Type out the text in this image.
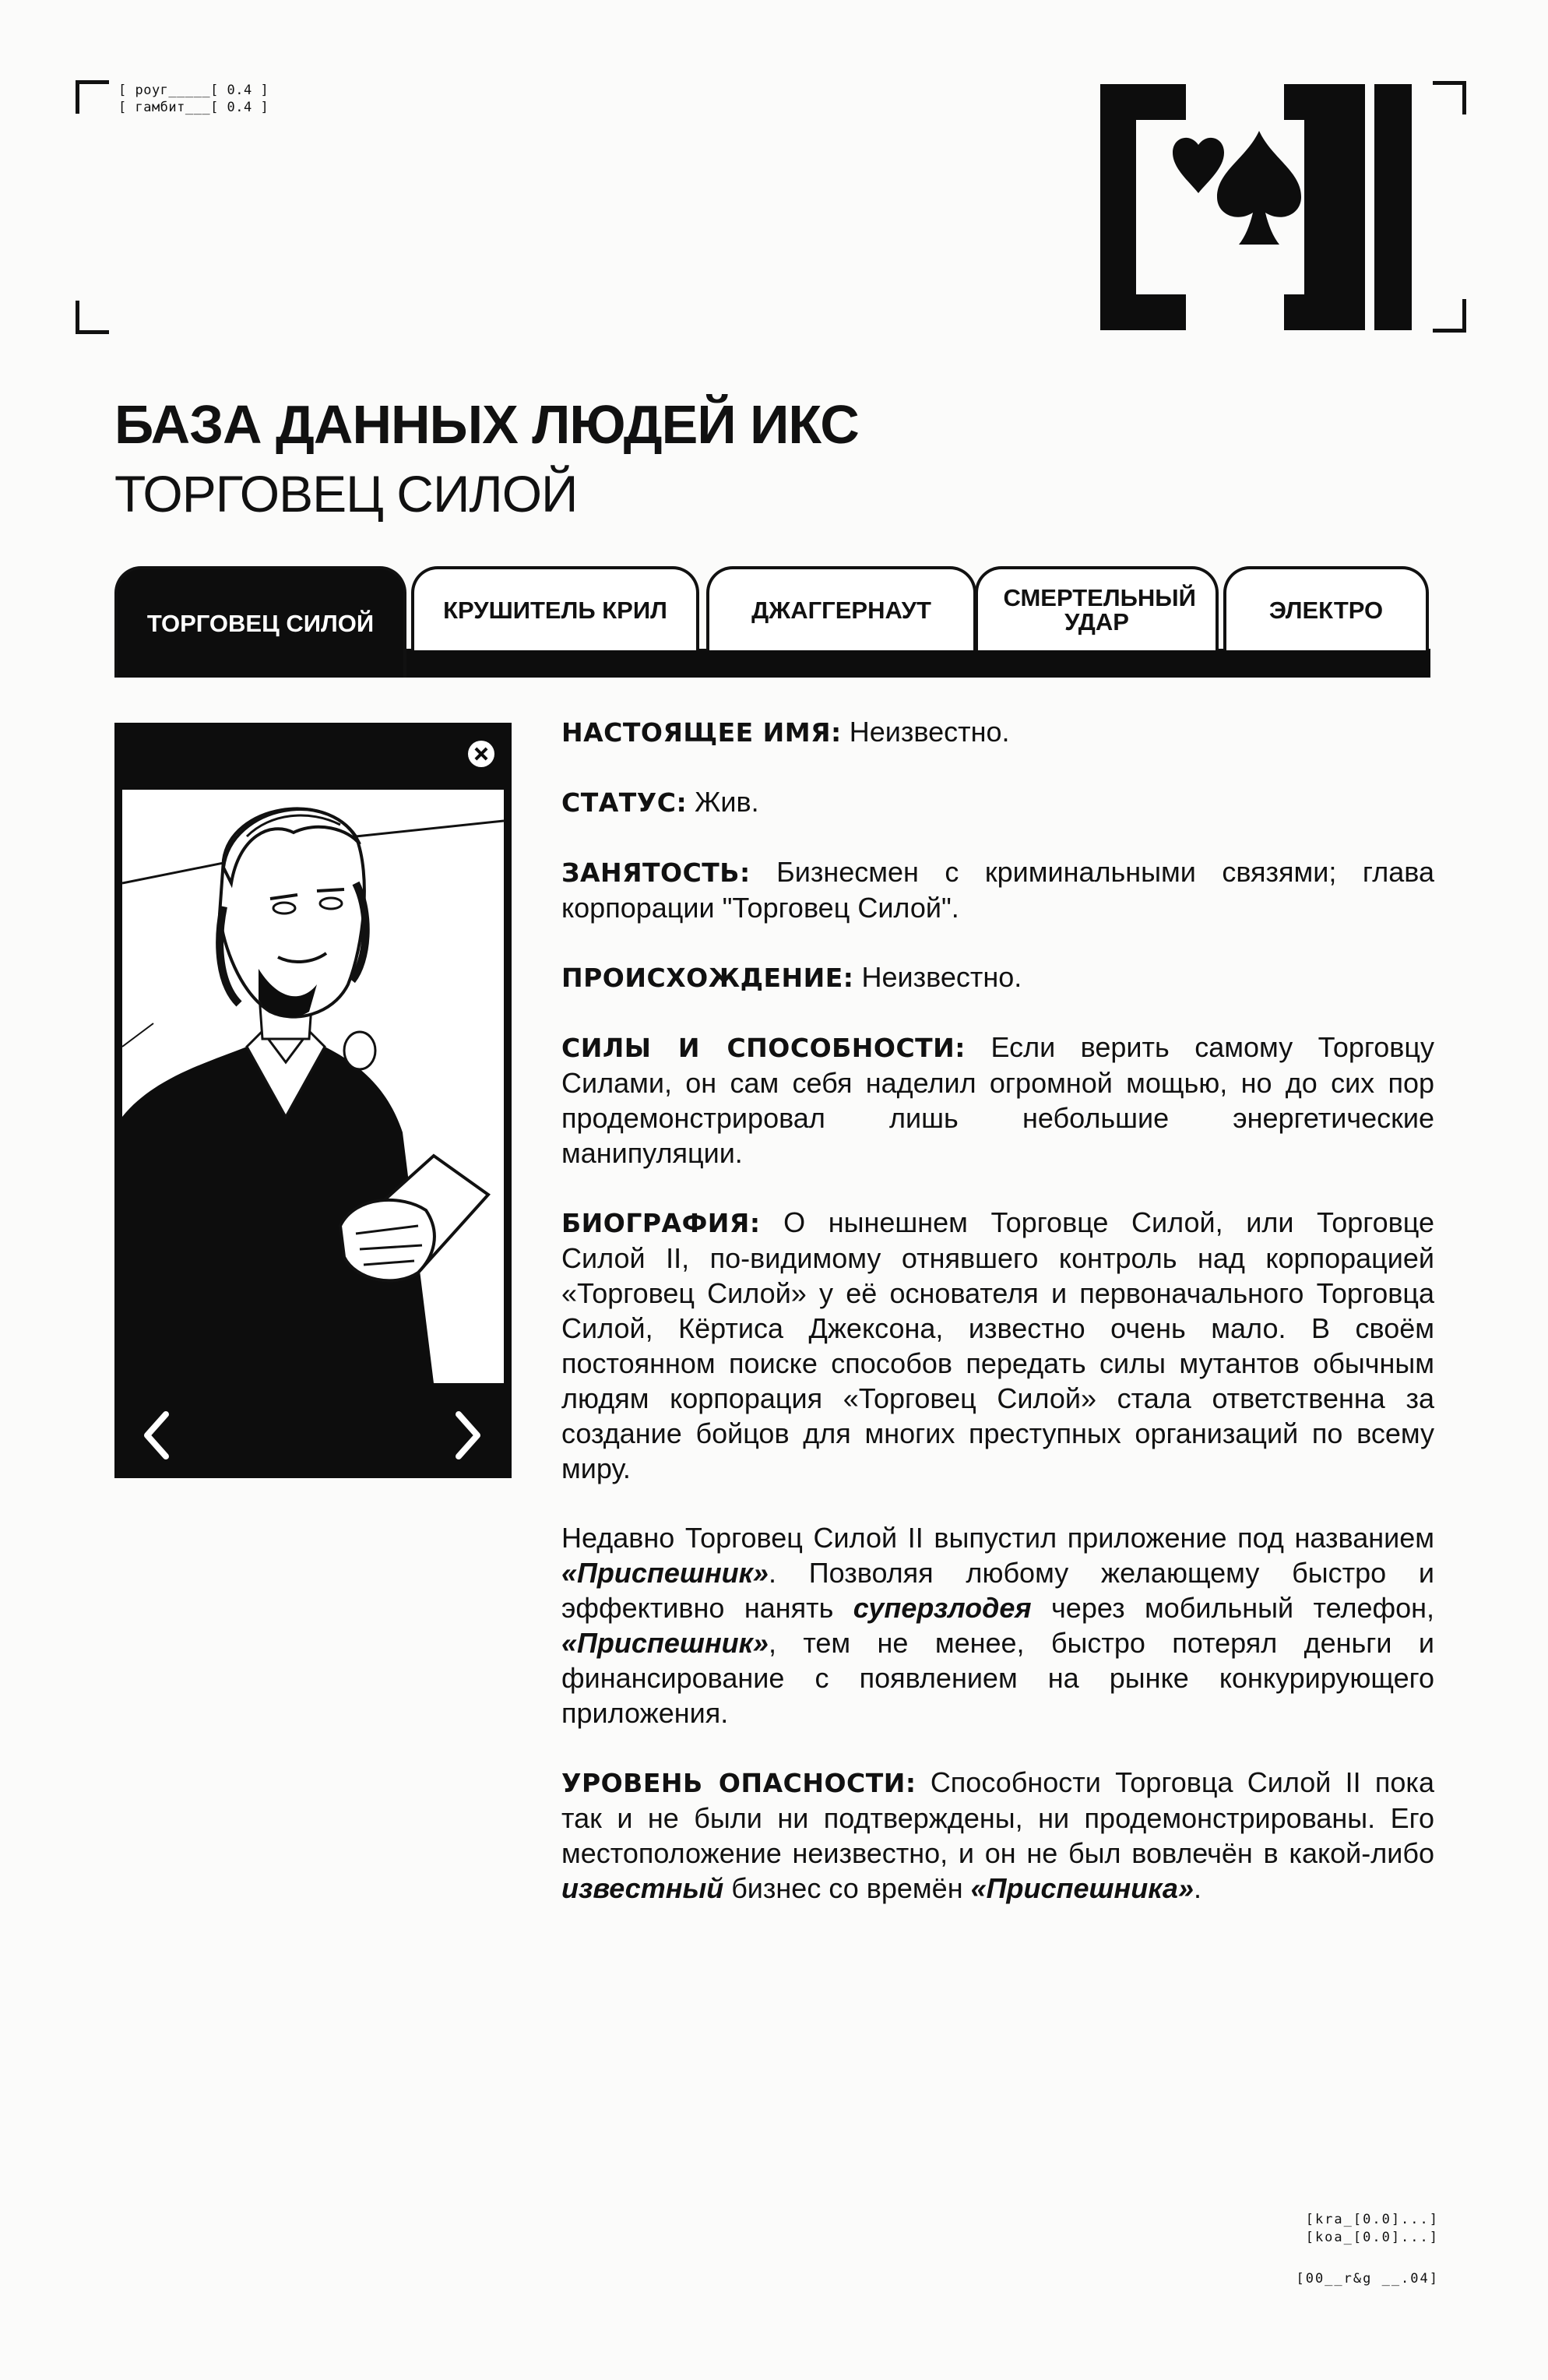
[ роуг_____[ 0.4 ]
[ гамбит___[ 0.4 ]
БАЗА ДАННЫХ ЛЮДЕЙ ИКС
ТОРГОВЕЦ СИЛОЙ
ТОРГОВЕЦ СИЛОЙ	КРУШИТЕЛЬ КРИЛ	ДЖАГГЕРНАУТ	СМЕРТЕЛЬНЫЙ УДАР	ЭЛЕКТРО

НАСТОЯЩЕЕ ИМЯ: Неизвестно.

СТАТУС: Жив.

ЗАНЯТОСТЬ: Бизнесмен с криминальными связями; глава корпорации "Торговец Силой".

ПРОИСХОЖДЕНИЕ: Неизвестно.

СИЛЫ И СПОСОБНОСТИ: Если верить самому Торговцу Силами, он сам себя наделил огромной мощью, но до сих пор продемонстрировал лишь небольшие энергетические манипуляции.

БИОГРАФИЯ: О нынешнем Торговце Силой, или Торговце Силой II, по-видимому отнявшего контроль над корпорацией «Торговец Силой» у её основателя и первоначального Торговца Силой, Кёртиса Джексона, известно очень мало. В своём постоянном поиске способов передать силы мутантов обычным людям корпорация «Торговец Силой» стала ответственна за создание бойцов для многих преступных организаций по всему миру.

Недавно Торговец Силой II выпустил приложение под названием «Приспешник». Позволяя любому желающему быстро и эффективно нанять суперзлодея через мобильный телефон, «Приспешник», тем не менее, быстро потерял деньги и финансирование с появлением на рынке конкурирующего приложения.

УРОВЕНЬ ОПАСНОСТИ: Способности Торговца Силой II пока так и не были ни подтверждены, ни продемонстрированы. Его местоположение неизвестно, и он не был вовлечён в какой-либо известный бизнес со времён «Приспешника».

[kra_[0.0]...]
[koa_[0.0]...]
[00__r&g __.04]
